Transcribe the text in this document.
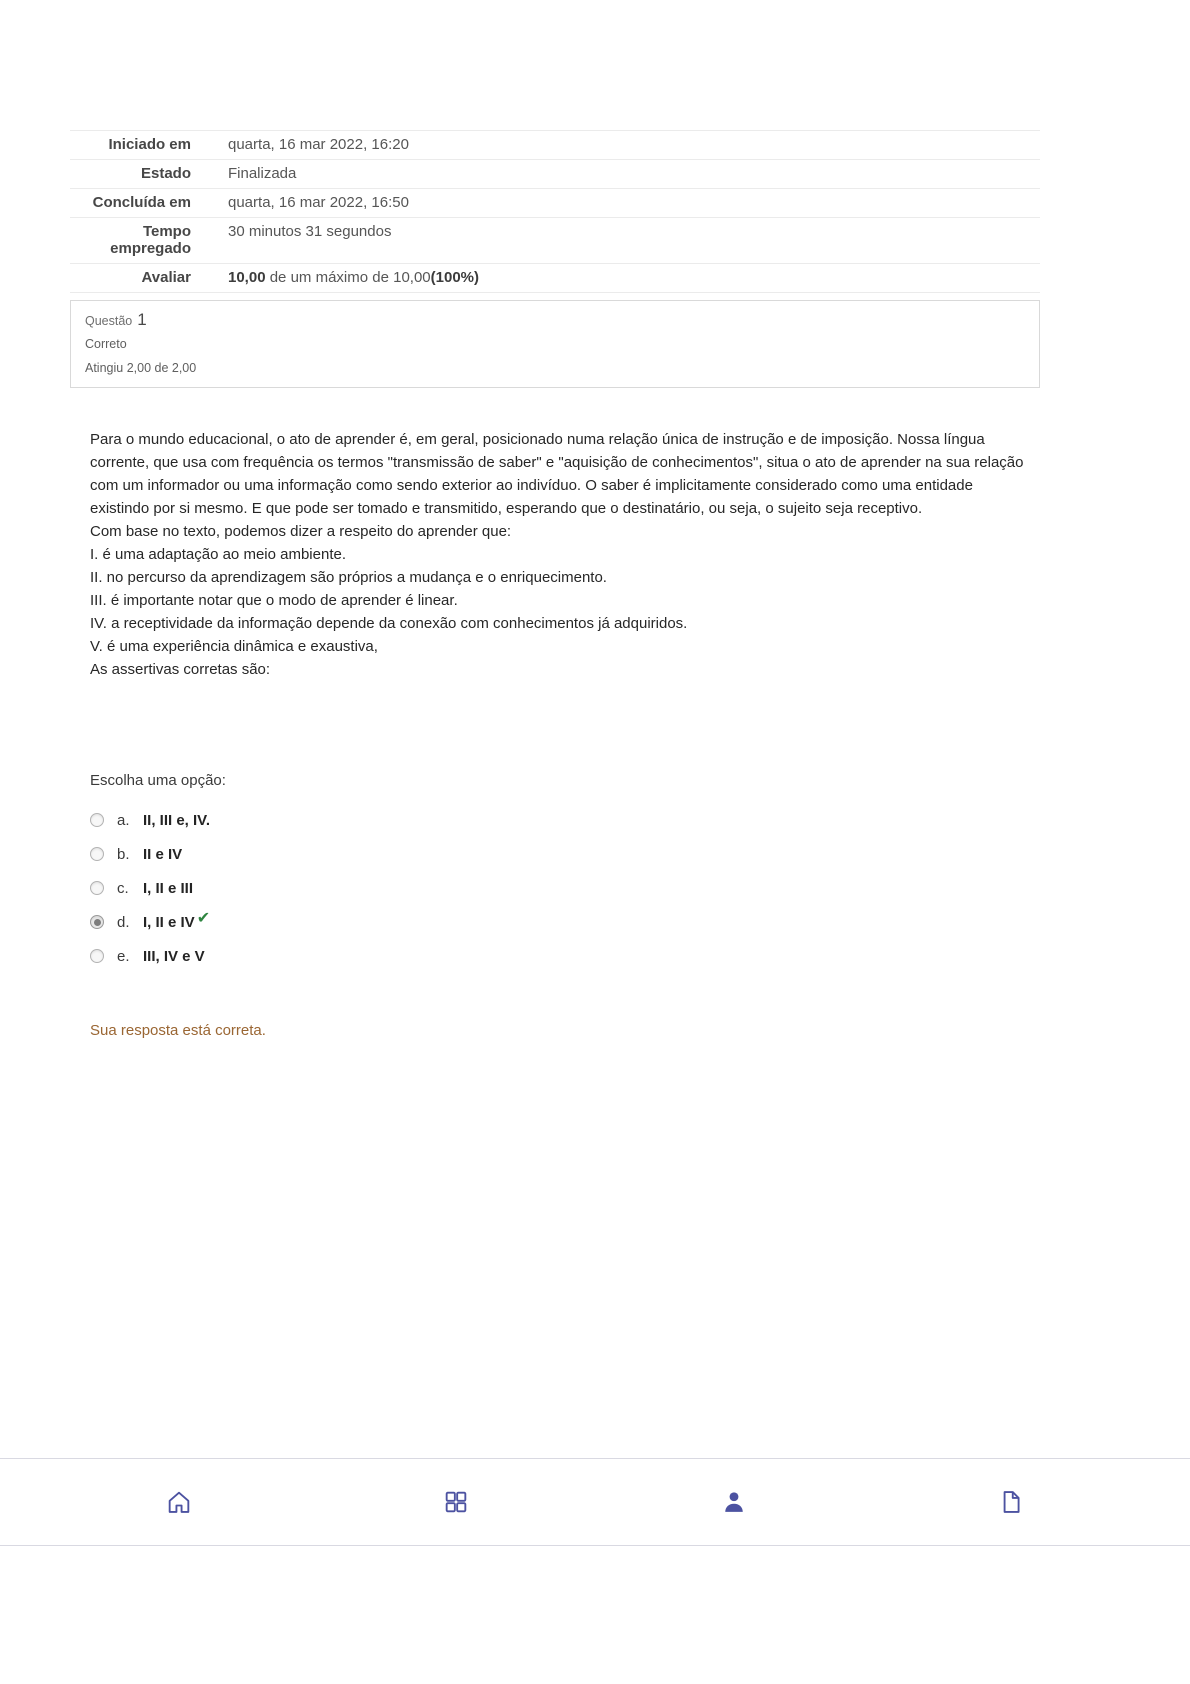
Iniciado em	quarta, 16 mar 2022, 16:20
Estado	Finalizada
Concluída em	quarta, 16 mar 2022, 16:50
Tempo empregado	30 minutos 31 segundos
Avaliar	10,00 de um máximo de 10,00(100%)
Questão 1
Correto
Atingiu 2,00 de 2,00

Para o mundo educacional, o ato de aprender é, em geral, posicionado numa relação única de instrução e de imposição. Nossa língua corrente, que usa com frequência os termos "transmissão de saber" e "aquisição de conhecimentos", situa o ato de aprender na sua relação com um informador ou uma informação como sendo exterior ao indivíduo. O saber é implicitamente considerado como uma entidade existindo por si mesmo. E que pode ser tomado e transmitido, esperando que o destinatário, ou seja, o sujeito seja receptivo.

Com base no texto, podemos dizer a respeito do aprender que:

I. é uma adaptação ao meio ambiente.

II. no percurso da aprendizagem são próprios a mudança e o enriquecimento.

III. é importante notar que o modo de aprender é linear.

IV. a receptividade da informação depende da conexão com conhecimentos já adquiridos.

V. é uma experiência dinâmica e exaustiva,

As assertivas corretas são:

Escolha uma opção:
a. II, III e, IV.
b. II e IV
c. I, II e III
d. I, II e IV ✔
e. III, IV e V
Sua resposta está correta.
